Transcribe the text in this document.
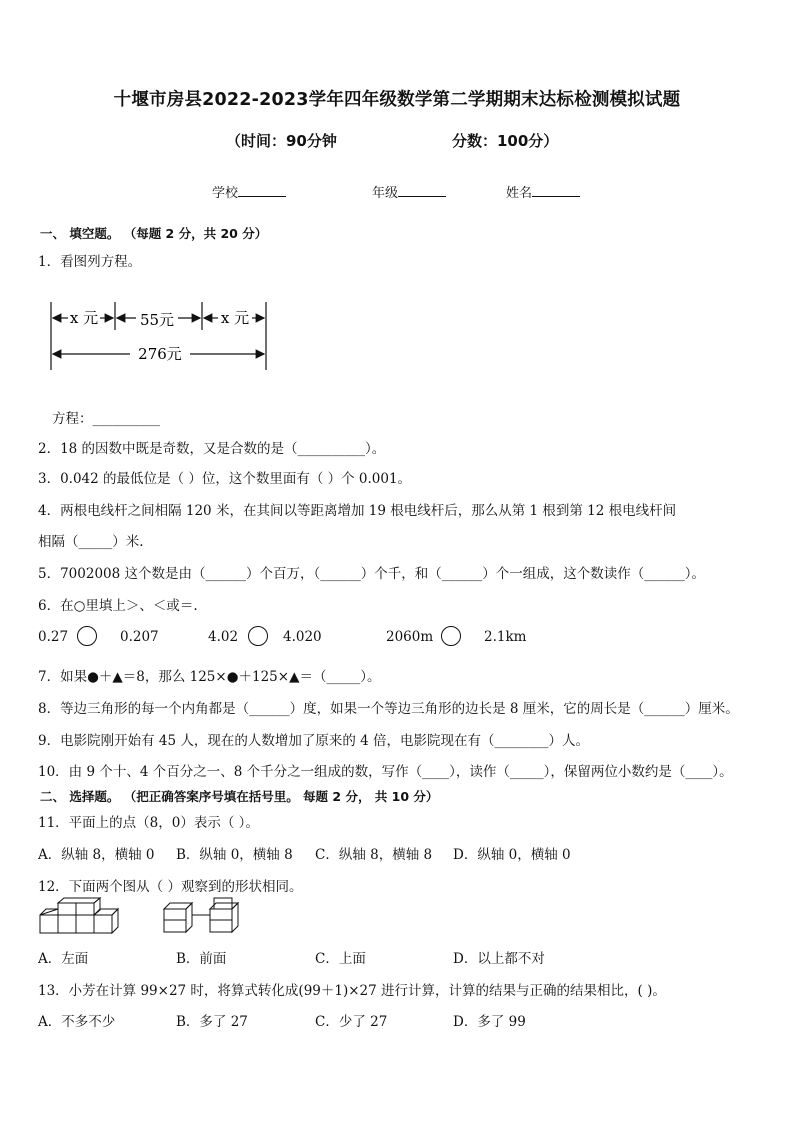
十堰市房县2022-2023学年四年级数学第二学期期末达标检测模拟试题
（时间：90分钟	分数：100分）
学校	年级	姓名
一、 填空题。 （每题 2 分，共 20 分）
1．看图列方程。
x 元	55元	x 元
276元
方程：__________
2．18 的因数中既是奇数，又是合数的是（__________）。
3．0.042 的最低位是（ ）位，这个数里面有（ ）个 0.001。
4．两根电线杆之间相隔 120 米，在其间以等距离增加 19 根电线杆后，那么从第 1 根到第 12 根电线杆间
相隔（_____）米.
5．7002008 这个数是由（______）个百万，（______）个千，和（______）个一组成，这个数读作（______）。
6．在○里填上＞、＜或＝.
0.27	0.207	4.02	4.020	2060m	2.1km
7．如果●＋▲＝8，那么 125×●＋125×▲＝（_____）。
8．等边三角形的每一个内角都是（______）度，如果一个等边三角形的边长是 8 厘米，它的周长是（______）厘米。
9．电影院刚开始有 45 人，现在的人数增加了原来的 4 倍，电影院现在有（________）人。
10．由 9 个十、4 个百分之一、8 个千分之一组成的数，写作（____），读作（_____），保留两位小数约是（____）。
二、 选择题。 （把正确答案序号填在括号里。 每题 2 分， 共 10 分）
11．平面上的点（8，0）表示（ ）。
A．纵轴 8，横轴 0 B．纵轴 0，横轴 8 C．纵轴 8，横轴 8 D．纵轴 0，横轴 0
12．下面两个图从（ ）观察到的形状相同。
A．左面	B．前面	C．上面	D．以上都不对
13．小芳在计算 99×27 时，将算式转化成(99＋1)×27 进行计算，计算的结果与正确的结果相比，( )。
A．不多不少	B．多了 27	C．少了 27	D．多了 99
